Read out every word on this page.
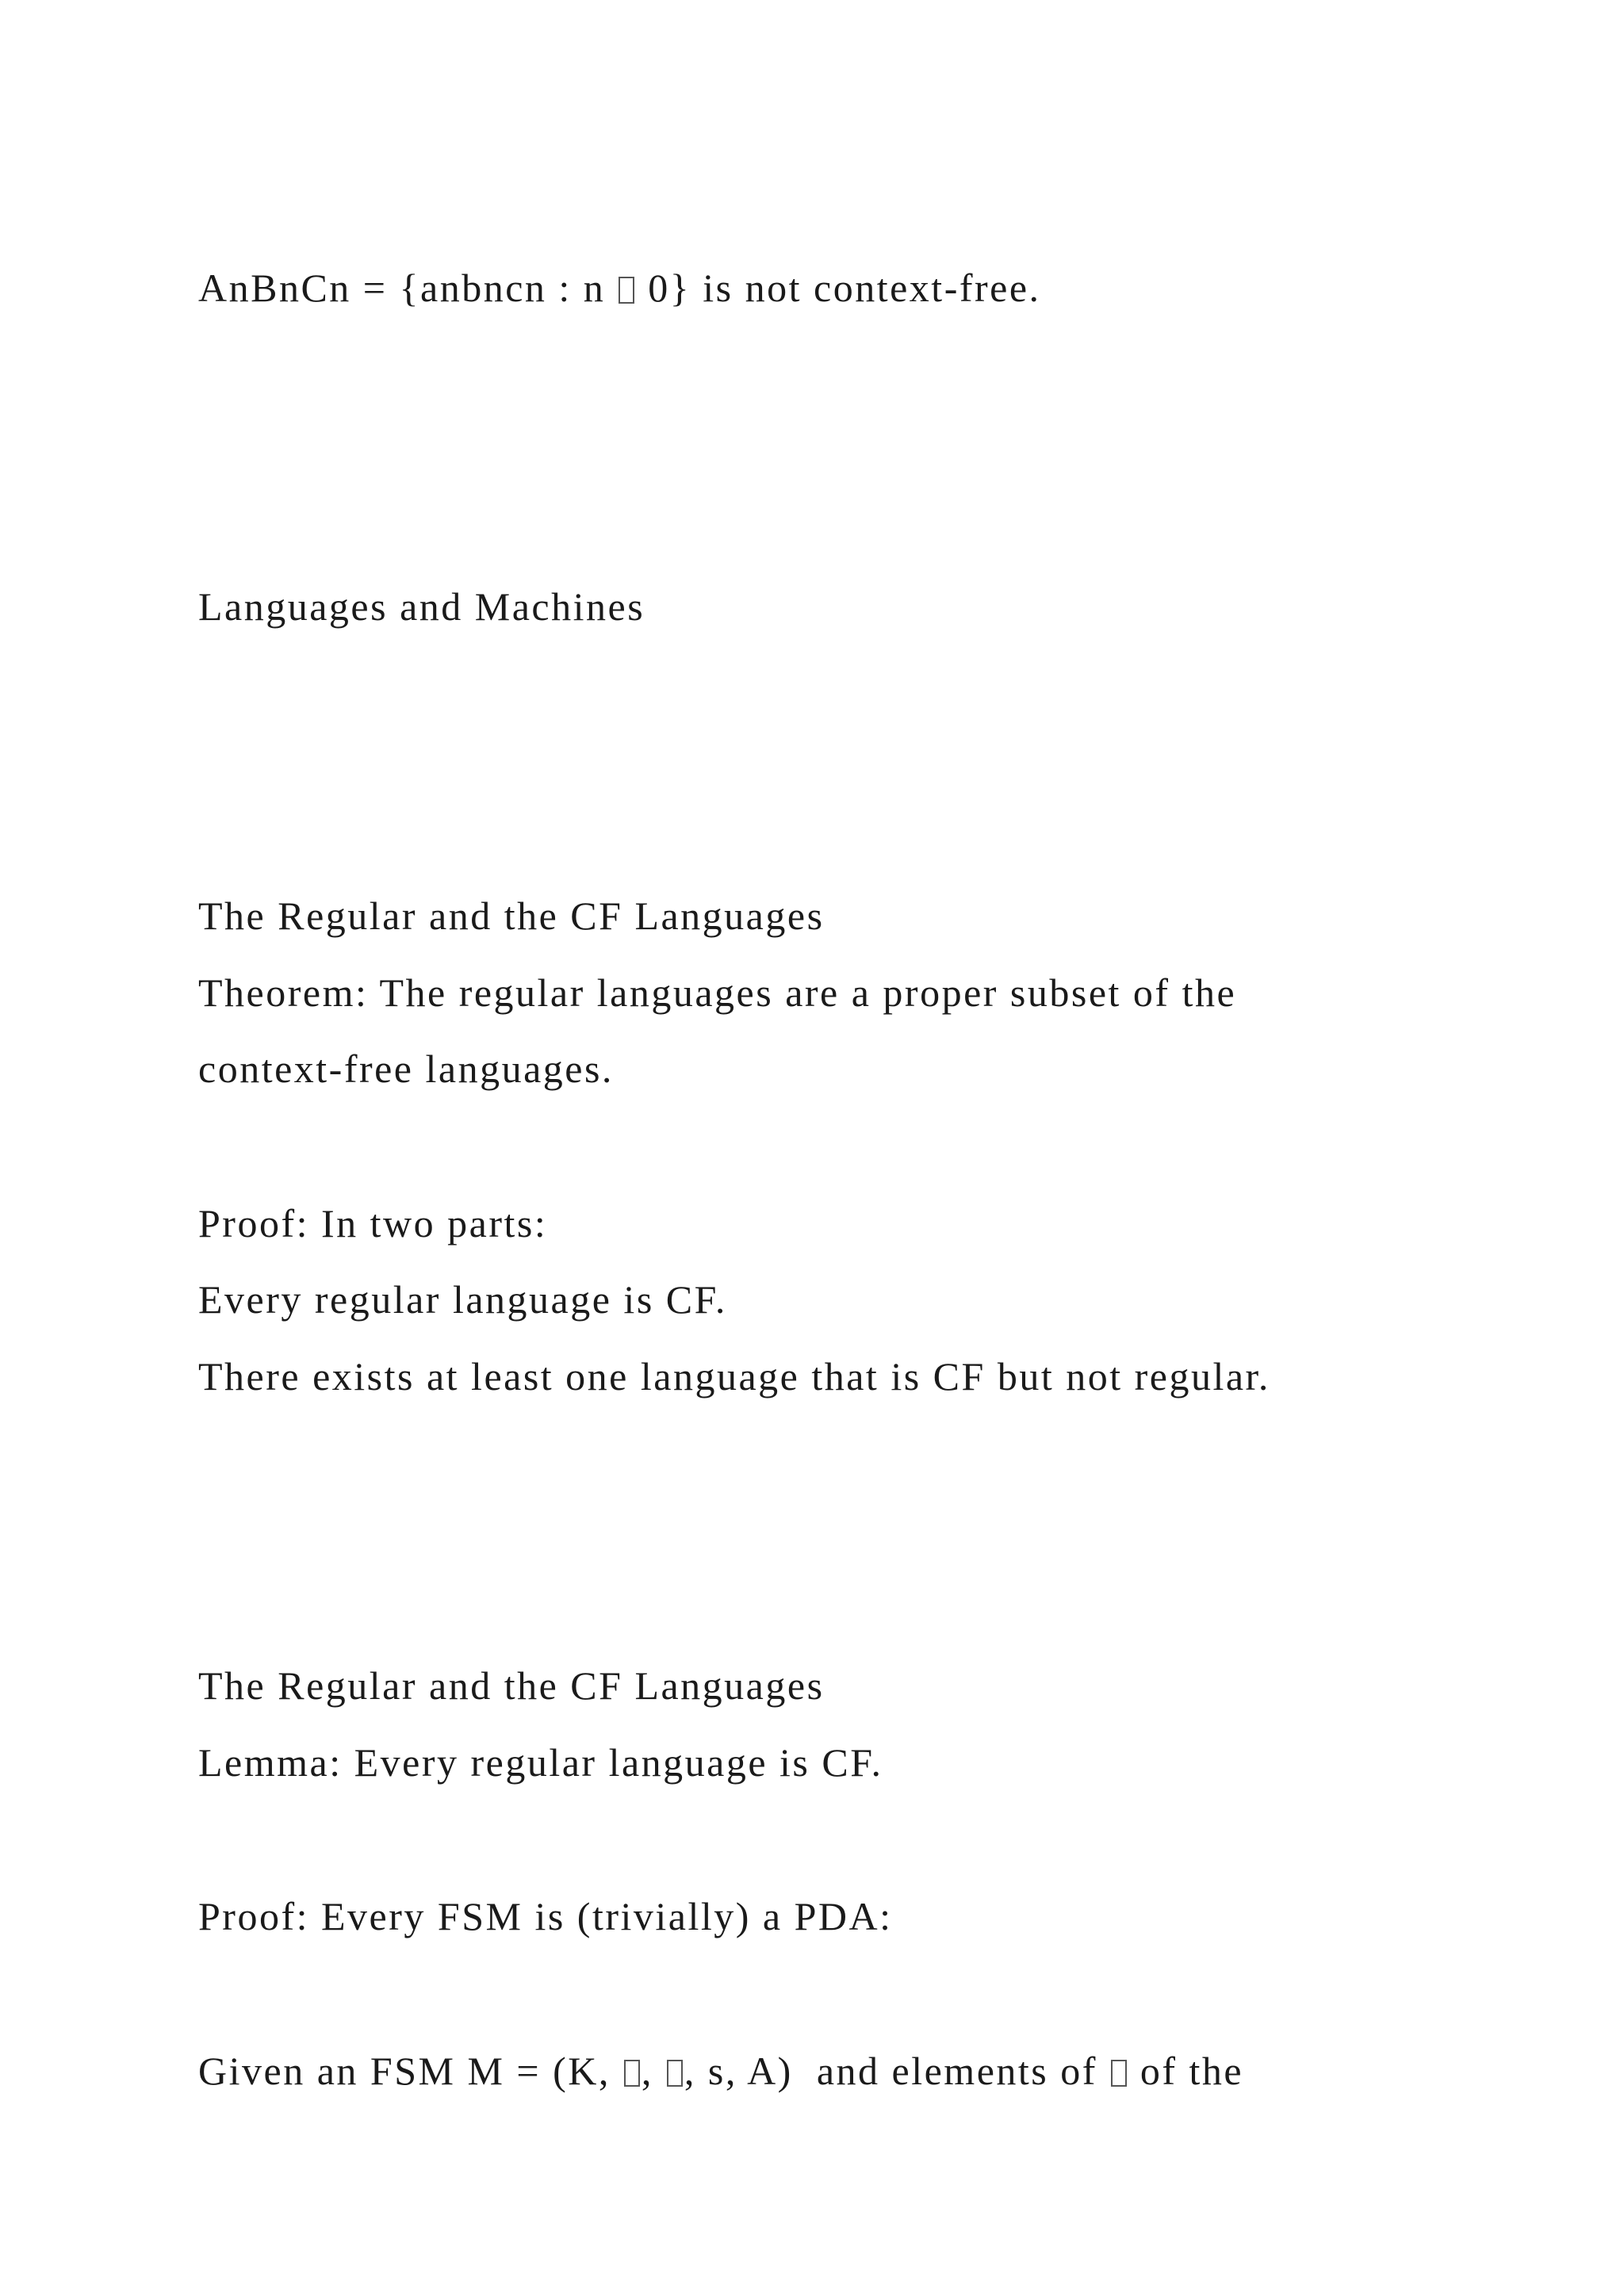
AnBnCn = {anbncn : n  0} is not context-free.
Languages and Machines
The Regular and the CF Languages
Theorem: The regular languages are a proper subset of the
context-free languages.
Proof: In two parts:
Every regular language is CF.
There exists at least one language that is CF but not regular.
The Regular and the CF Languages
Lemma: Every regular language is CF.
Proof: Every FSM is (trivially) a PDA:
Given an FSM M = (K, , , s, A)  and elements of  of the
